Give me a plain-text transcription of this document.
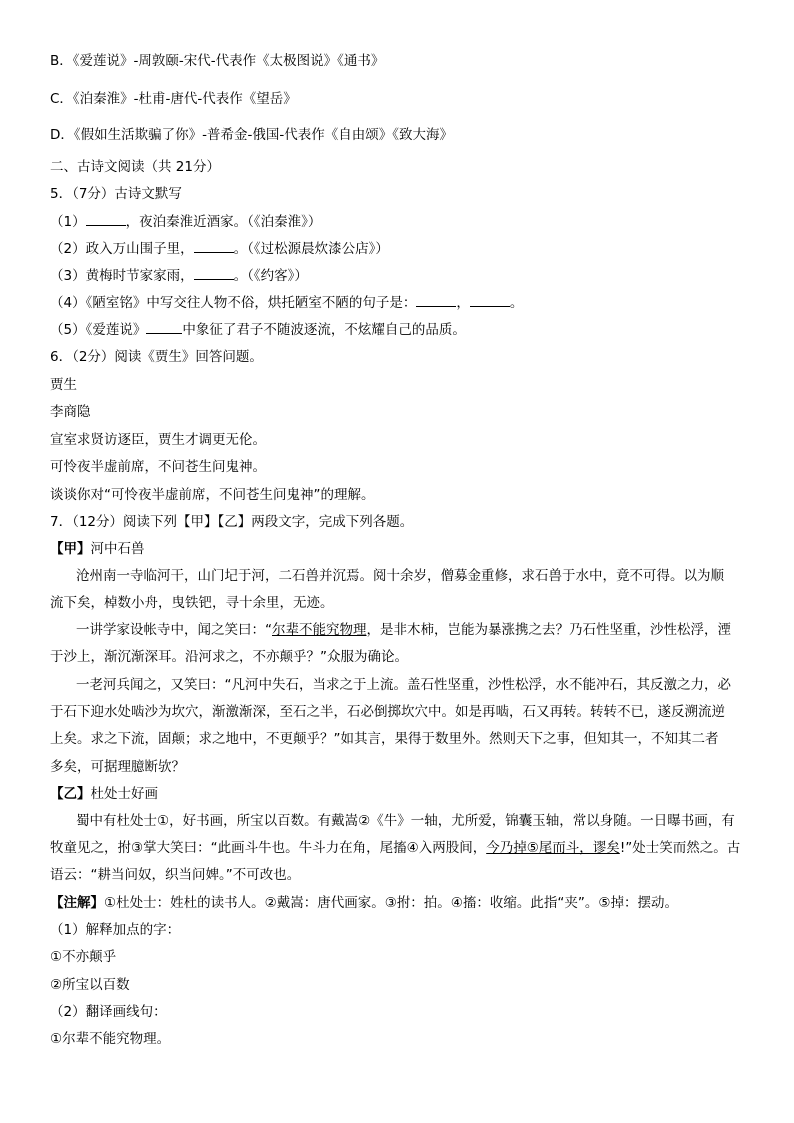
B．《爱莲说》-周敦颐-宋代-代表作《太极图说》《通书》
C．《泊秦淮》-杜甫-唐代-代表作《望岳》
D．《假如生活欺骗了你》-普希金-俄国-代表作《自由颂》《致大海》
二、古诗文阅读（共 21分）
5．（7分）古诗文默写
（1）	，夜泊秦淮近酒家。（《泊秦淮》）
（2）政入万山围子里，	。（《过松源晨炊漆公店》）
（3）黄梅时节家家雨，	。（《约客》）
（4）《陋室铭》中写交往人物不俗，烘托陋室不陋的句子是：	，	。
（5）《爱莲说》	中象征了君子不随波逐流，不炫耀自己的品质。
6．（2分）阅读《贾生》回答问题。
贾生
李商隐
宣室求贤访逐臣，贾生才调更无伦。
可怜夜半虚前席，不问苍生问鬼神。
谈谈你对“可怜夜半虚前席，不问苍生问鬼神”的理解。
7．（12分）阅读下列【甲】【乙】两段文字，完成下列各题。
【甲】河中石兽
沧州南一寺临河干，山门圮于河，二石兽并沉焉。阅十余岁，僧募金重修，求石兽于水中，竟不可得。以为顺
流下矣，棹数小舟，曳铁钯，寻十余里，无迹。
一讲学家设帐寺中，闻之笑曰：“尔辈不能究物理，是非木柿，岂能为暴涨携之去？乃石性坚重，沙性松浮，湮
于沙上，渐沉渐深耳。沿河求之，不亦颠乎？”众服为确论。
一老河兵闻之，又笑曰：“凡河中失石，当求之于上流。盖石性坚重，沙性松浮，水不能冲石，其反激之力，必
于石下迎水处啮沙为坎穴，渐激渐深，至石之半，石必倒掷坎穴中。如是再啮，石又再转。转转不已，遂反溯流逆
上矣。求之下流，固颠；求之地中，不更颠乎？”如其言，果得于数里外。然则天下之事，但知其一，不知其二者
多矣，可据理臆断欤？
【乙】杜处士好画
蜀中有杜处士①，好书画，所宝以百数。有戴嵩②《牛》一轴，尤所爱，锦囊玉轴，常以身随。一日曝书画，有
牧童见之，拊③掌大笑曰：“此画斗牛也。牛斗力在角，尾搐④入两股间，今乃掉⑤尾而斗，谬矣!”处士笑而然之。古
语云：“耕当问奴，织当问婢。”不可改也。
【注解】①杜处士：姓杜的读书人。②戴嵩：唐代画家。③拊：拍。④搐：收缩。此指“夹”。⑤掉：摆动。
（1）解释加点的字：
①不亦颠乎
②所宝以百数
（2）翻译画线句：
①尔辈不能究物理。
